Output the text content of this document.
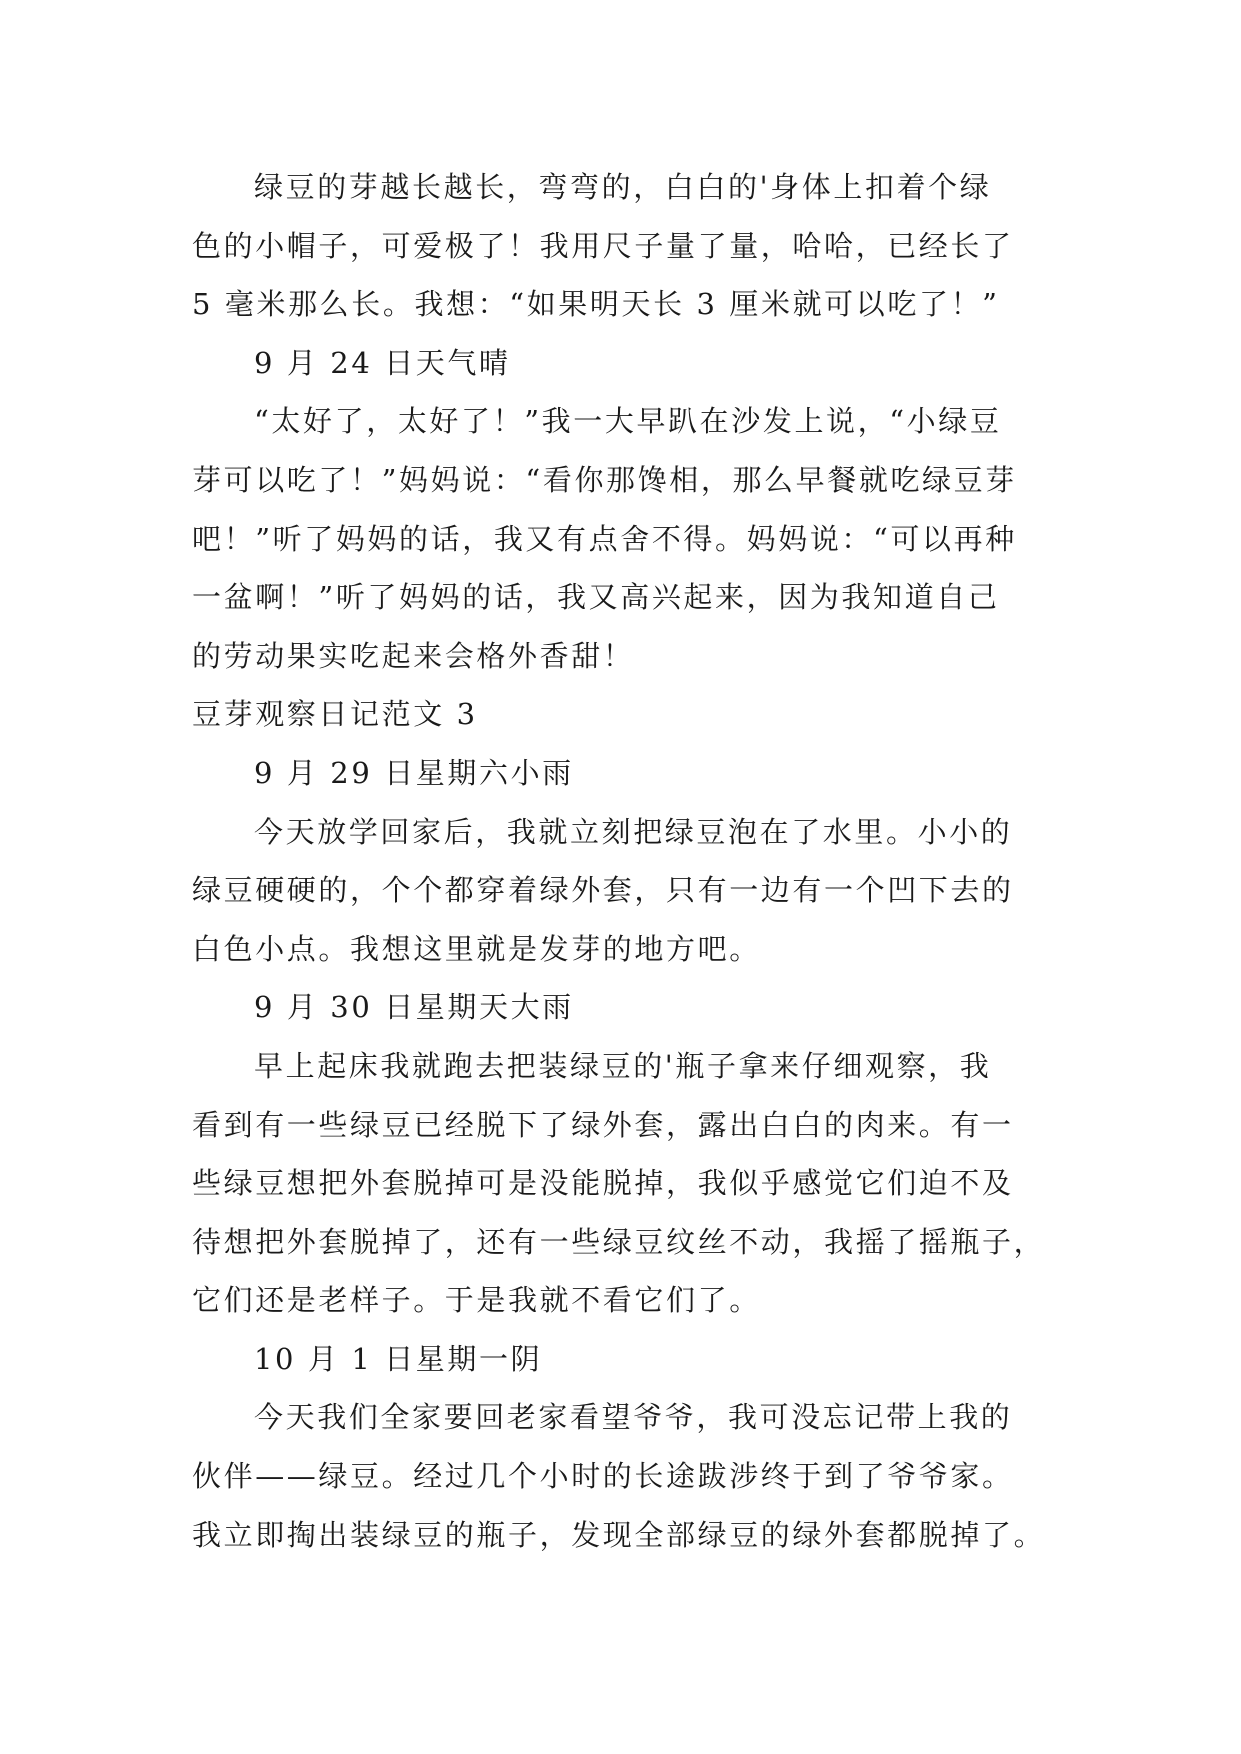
绿豆的芽越长越长，弯弯的，白白的'身体上扣着个绿
色的小帽子，可爱极了！我用尺子量了量，哈哈，已经长了
5 毫米那么长。我想：“如果明天长 3 厘米就可以吃了！”
9 月 24 日天气晴
“太好了，太好了！”我一大早趴在沙发上说，“小绿豆
芽可以吃了！”妈妈说：“看你那馋相，那么早餐就吃绿豆芽
吧！”听了妈妈的话，我又有点舍不得。妈妈说：“可以再种
一盆啊！”听了妈妈的话，我又高兴起来，因为我知道自己
的劳动果实吃起来会格外香甜！
豆芽观察日记范文 3
9 月 29 日星期六小雨
今天放学回家后，我就立刻把绿豆泡在了水里。小小的
绿豆硬硬的，个个都穿着绿外套，只有一边有一个凹下去的
白色小点。我想这里就是发芽的地方吧。
9 月 30 日星期天大雨
早上起床我就跑去把装绿豆的'瓶子拿来仔细观察，我
看到有一些绿豆已经脱下了绿外套，露出白白的肉来。有一
些绿豆想把外套脱掉可是没能脱掉，我似乎感觉它们迫不及
待想把外套脱掉了，还有一些绿豆纹丝不动，我摇了摇瓶子，
它们还是老样子。于是我就不看它们了。
10 月 1 日星期一阴
今天我们全家要回老家看望爷爷，我可没忘记带上我的
伙伴——绿豆。经过几个小时的长途跋涉终于到了爷爷家。
我立即掏出装绿豆的瓶子，发现全部绿豆的绿外套都脱掉了。
